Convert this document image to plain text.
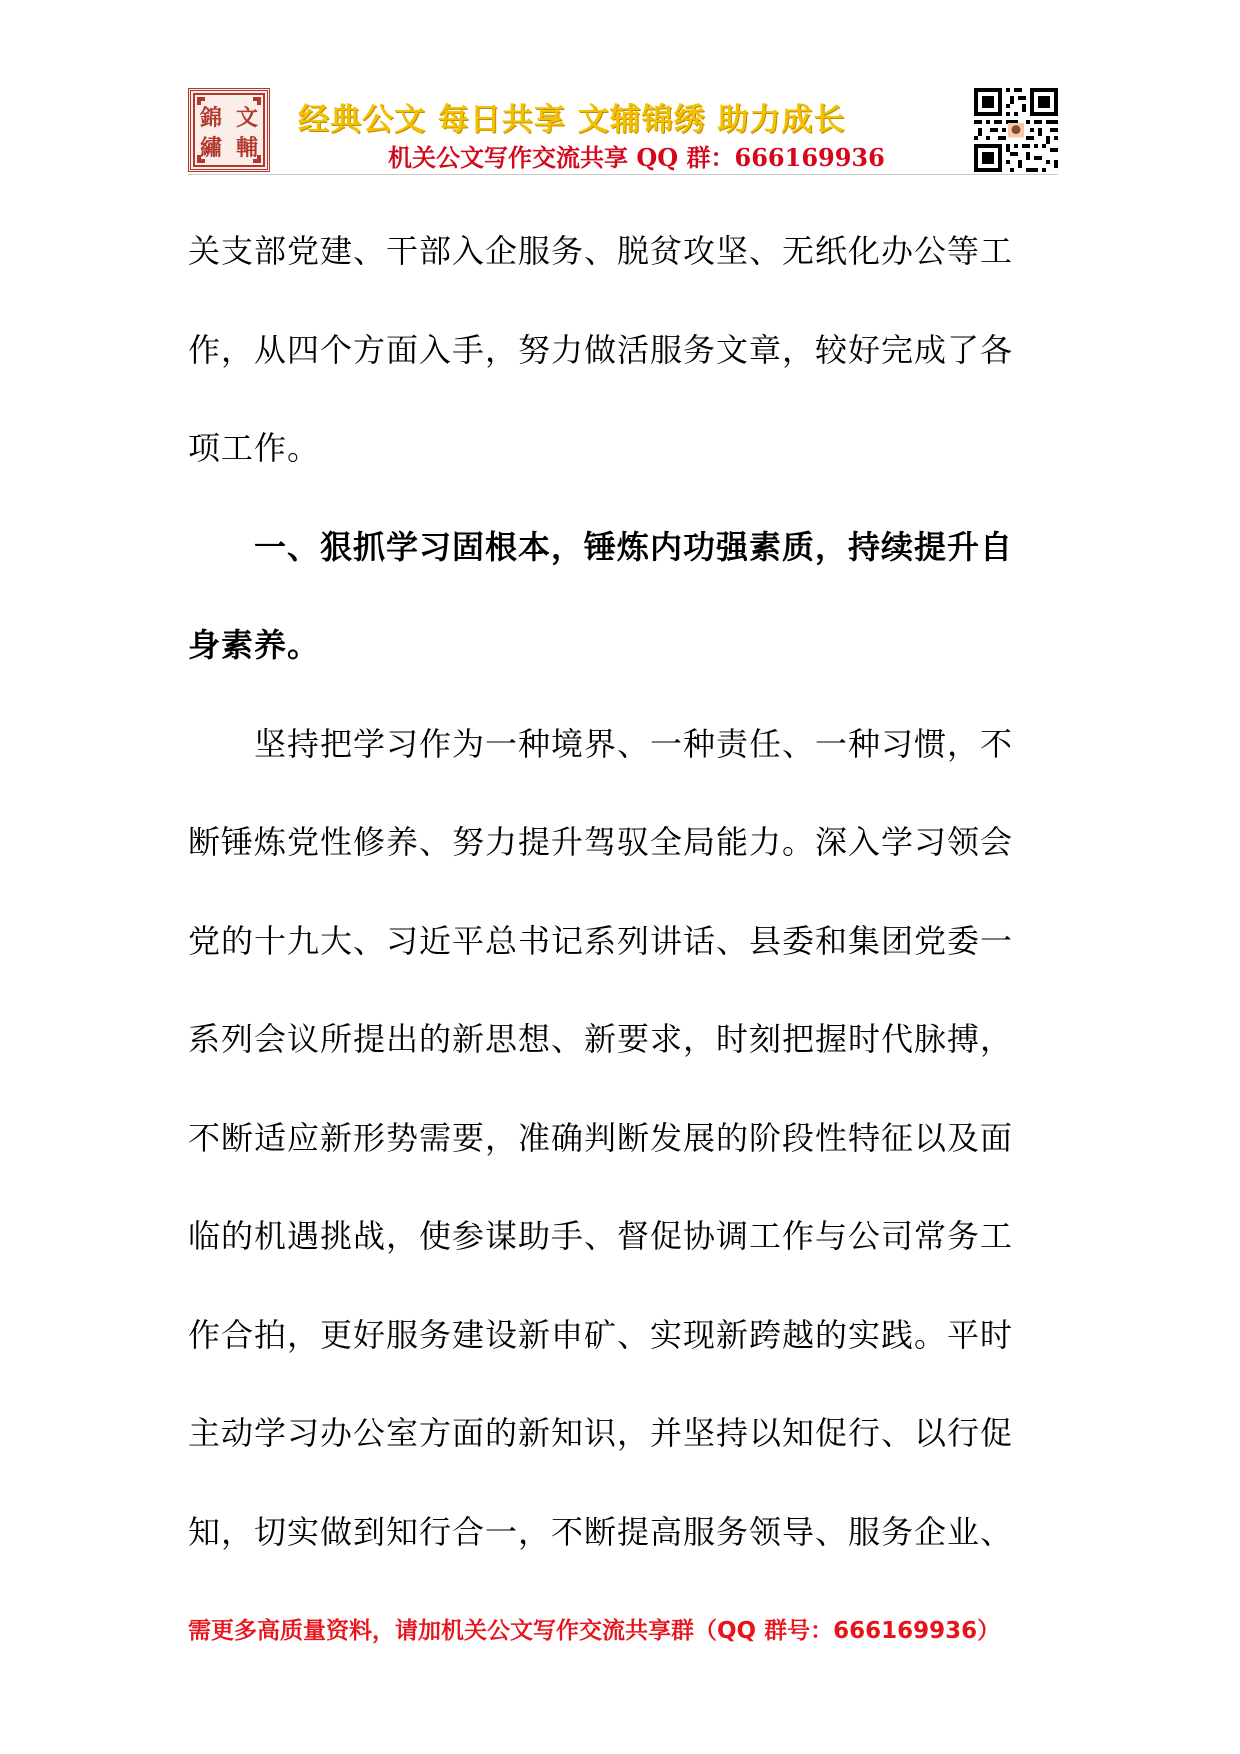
錦 文
繡 輔
经典公文 每日共享 文辅锦绣 助力成长
机关公文写作交流共享 QQ 群：666169936
关支部党建、干部入企服务、脱贫攻坚、无纸化办公等工
作，从四个方面入手，努力做活服务文章，较好完成了各
项工作。
一、狠抓学习固根本，锤炼内功强素质，持续提升自
身素养。
坚持把学习作为一种境界、一种责任、一种习惯，不
断锤炼党性修养、努力提升驾驭全局能力。深入学习领会
党的十九大、习近平总书记系列讲话、县委和集团党委一
系列会议所提出的新思想、新要求，时刻把握时代脉搏，
不断适应新形势需要，准确判断发展的阶段性特征以及面
临的机遇挑战，使参谋助手、督促协调工作与公司常务工
作合拍，更好服务建设新申矿、实现新跨越的实践。平时
主动学习办公室方面的新知识，并坚持以知促行、以行促
知，切实做到知行合一，不断提高服务领导、服务企业、
需更多高质量资料，请加机关公文写作交流共享群（QQ 群号：666169936）
